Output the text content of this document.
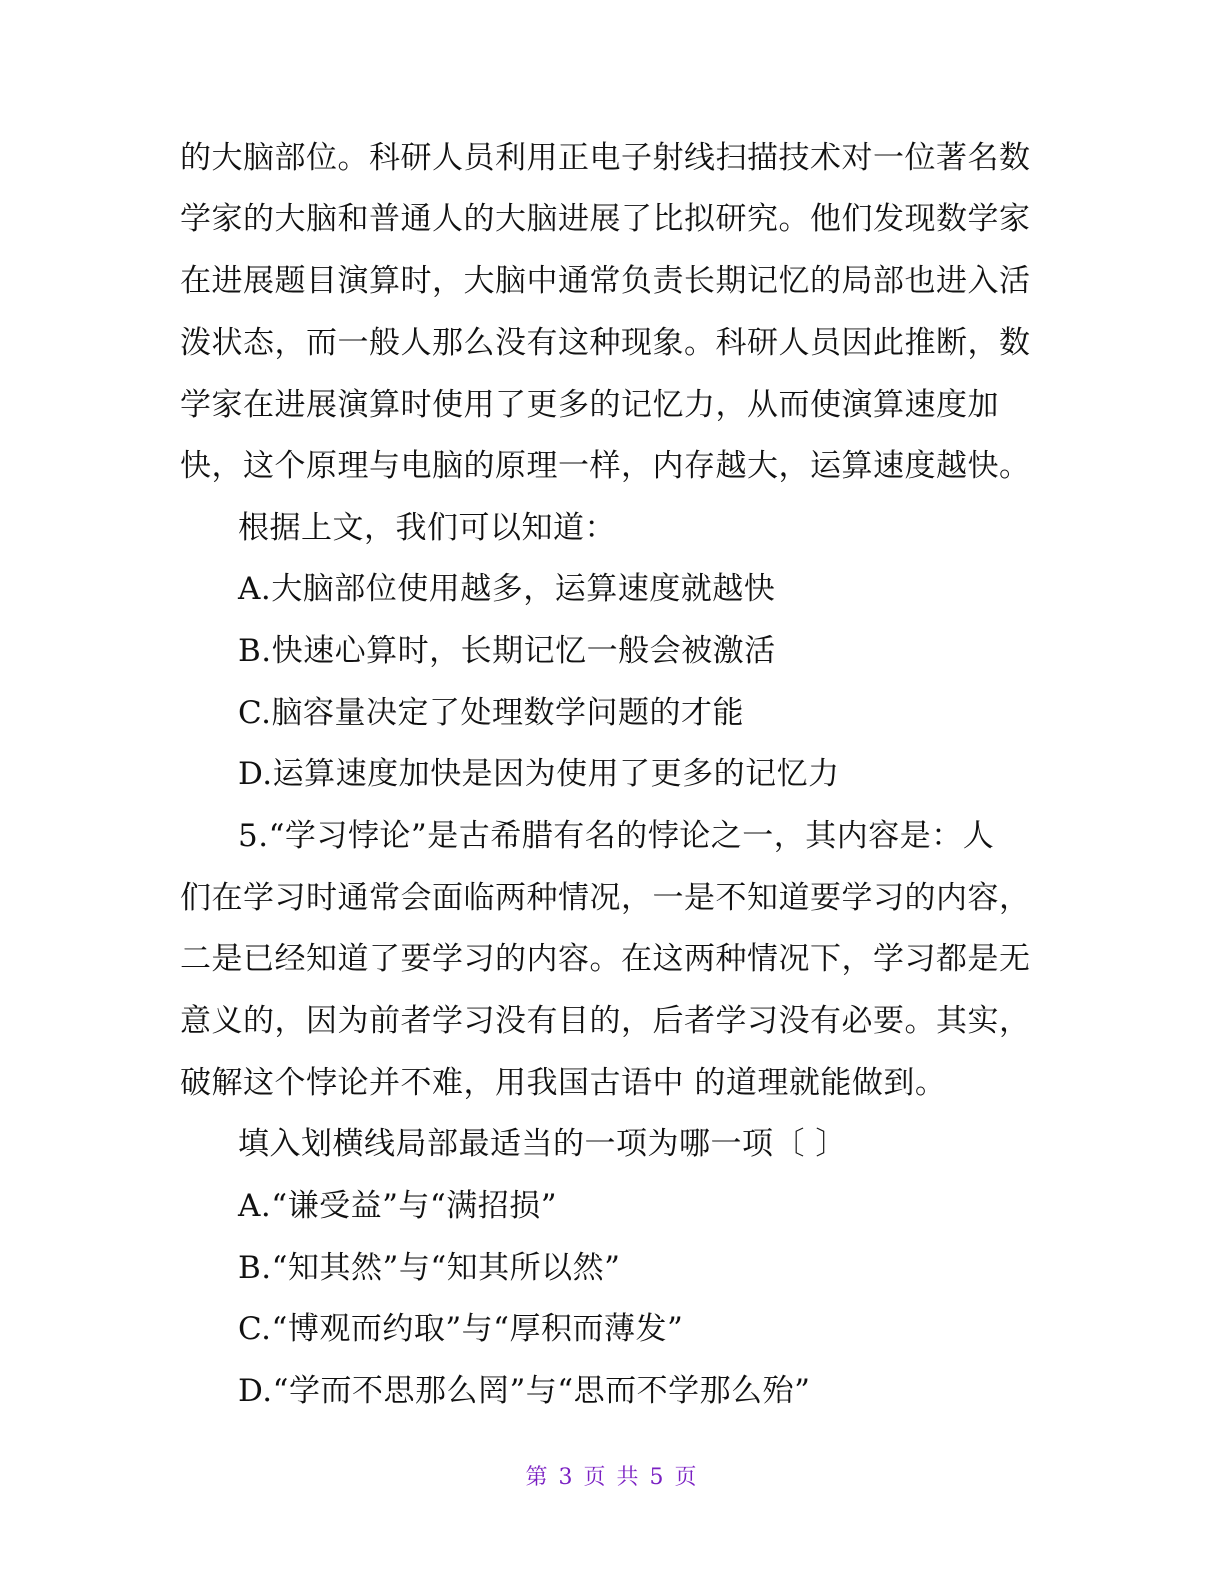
的大脑部位。科研人员利用正电子射线扫描技术对一位著名数
学家的大脑和普通人的大脑进展了比拟研究。他们发现数学家
在进展题目演算时，大脑中通常负责长期记忆的局部也进入活
泼状态，而一般人那么没有这种现象。科研人员因此推断，数
学家在进展演算时使用了更多的记忆力，从而使演算速度加
快，这个原理与电脑的原理一样，内存越大，运算速度越快。
根据上文，我们可以知道：
A.大脑部位使用越多，运算速度就越快
B.快速心算时，长期记忆一般会被激活
C.脑容量决定了处理数学问题的才能
D.运算速度加快是因为使用了更多的记忆力
5.“学习悖论”是古希腊有名的悖论之一，其内容是：人
们在学习时通常会面临两种情况，一是不知道要学习的内容，
二是已经知道了要学习的内容。在这两种情况下，学习都是无
意义的，因为前者学习没有目的，后者学习没有必要。其实，
破解这个悖论并不难，用我国古语中 的道理就能做到。
填入划横线局部最适当的一项为哪一项〔 〕
A.“谦受益”与“满招损”
B.“知其然”与“知其所以然”
C.“博观而约取”与“厚积而薄发”
D.“学而不思那么罔”与“思而不学那么殆”
第 3 页 共 5 页
